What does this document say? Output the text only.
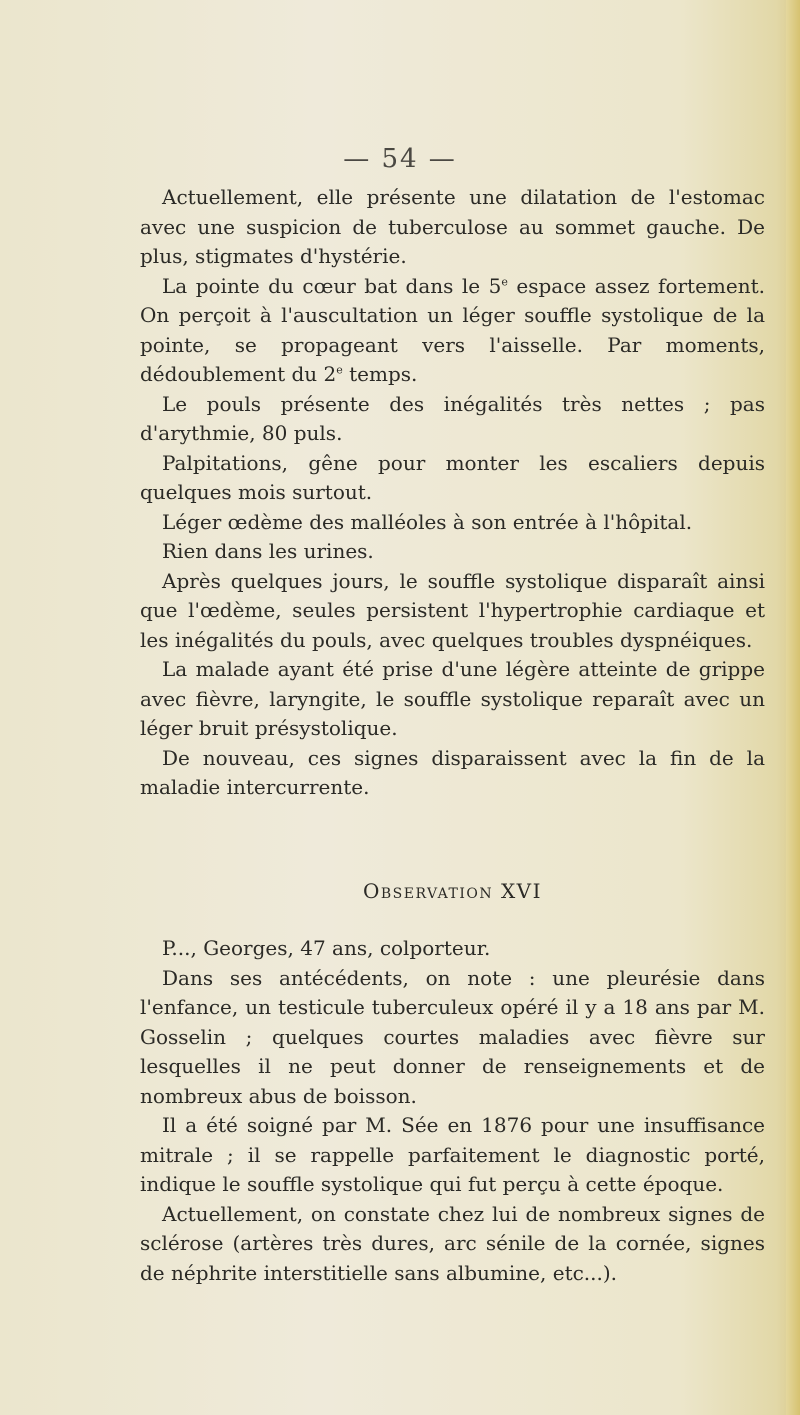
— 54 —

Actuellement, elle présente une dilatation de l'estomac avec une suspicion de tuberculose au sommet gauche. De plus, stigmates d'hystérie.

La pointe du cœur bat dans le 5e espace assez fortement. On perçoit à l'auscultation un léger souffle systolique de la pointe, se propageant vers l'aisselle. Par moments, dédoublement du 2e temps.

Le pouls présente des inégalités très nettes ; pas d'arythmie, 80 puls.

Palpitations, gêne pour monter les escaliers depuis quelques mois surtout.

Léger œdème des malléoles à son entrée à l'hôpital.

Rien dans les urines.

Après quelques jours, le souffle systolique disparaît ainsi que l'œdème, seules persistent l'hypertrophie cardiaque et les inégalités du pouls, avec quelques troubles dyspnéiques.

La malade ayant été prise d'une légère atteinte de grippe avec fièvre, laryngite, le souffle systolique reparaît avec un léger bruit présystolique.

De nouveau, ces signes disparaissent avec la fin de la maladie intercurrente.

Observation XVI

P..., Georges, 47 ans, colporteur.

Dans ses antécédents, on note : une pleurésie dans l'enfance, un testicule tuberculeux opéré il y a 18 ans par M. Gosselin ; quelques courtes maladies avec fièvre sur lesquelles il ne peut donner de renseignements et de nombreux abus de boisson.

Il a été soigné par M. Sée en 1876 pour une insuffisance mitrale ; il se rappelle parfaitement le diagnostic porté, indique le souffle systolique qui fut perçu à cette époque.

Actuellement, on constate chez lui de nombreux signes de sclérose (artères très dures, arc sénile de la cornée, signes de néphrite interstitielle sans albumine, etc...).
